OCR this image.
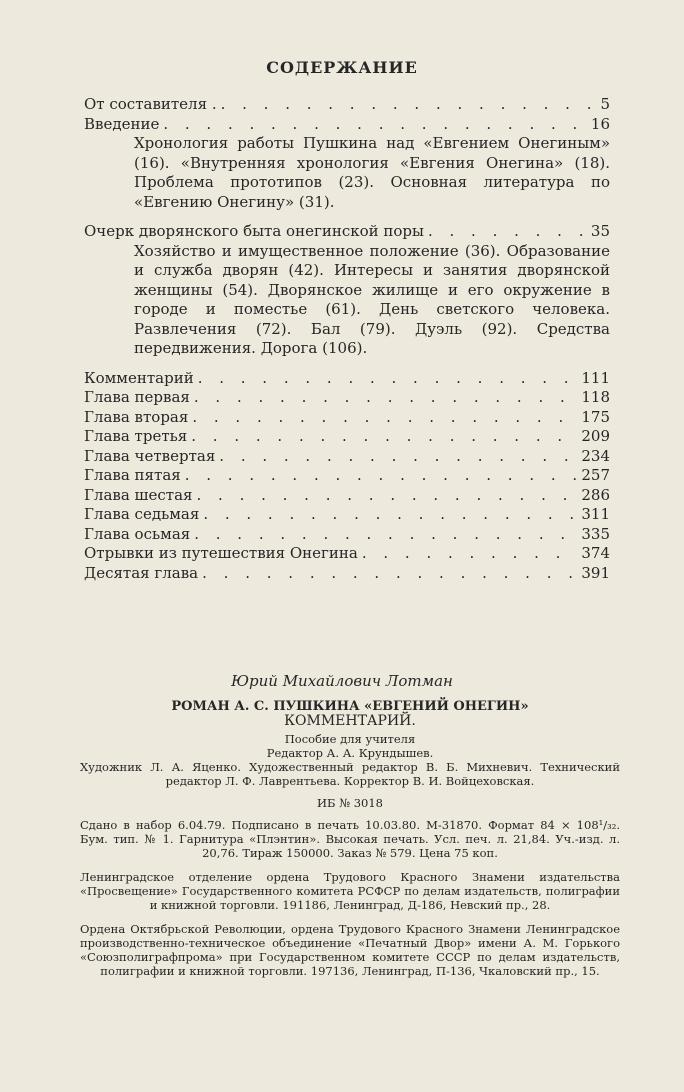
СОДЕРЖАНИЕ
От составителя . . . .	5
Введение . . .	16
Хронология работы Пушкина над «Евгением Онегиным» (16). «Внутренняя хронология «Евгения Онегина» (18). Проблема прототипов (23). Основная литература по «Евгению Онегину» (31).
Очерк дворянского быта онегинской поры . . .	35
Хозяйство и имущественное положение (36). Образование и служба дворян (42). Интересы и занятия дворянской женщины (54). Дворянское жилище и его окружение в городе и поместье (61). День светского человека. Развлечения (72). Бал (79). Дуэль (92). Средства передвижения. Дорога (106).
Комментарий . . .	111
Глава первая . . .	118
Глава вторая . . .	175
Глава третья . . .	209
Глава четвертая . . .	234
Глава пятая . . .	257
Глава шестая . . .	286
Глава седьмая . . .	311
Глава осьмая . . .	335
Отрывки из путешествия Онегина . . .	374
Десятая глава . . .	391
Юрий Михайлович Лотман
РОМАН А. С. ПУШКИНА «ЕВГЕНИЙ ОНЕГИН»
КОММЕНТАРИЙ.
Пособие для учителя
Редактор А. А. Крундышев.
Художник Л. А. Яценко. Художественный редактор В. Б. Михневич. Технический редактор Л. Ф. Лаврентьева. Корректор В. И. Войцеховская.
ИБ № 3018
Сдано в набор 6.04.79. Подписано в печать 10.03.80. М-31870. Формат 84 × 108¹/₃₂. Бум. тип. № 1. Гарнитура «Плэнтин». Высокая печать. Усл. печ. л. 21,84. Уч.-изд. л. 20,76. Тираж 150000. Заказ № 579. Цена 75 коп.
Ленинградское отделение ордена Трудового Красного Знамени издательства «Просвещение» Государственного комитета РСФСР по делам издательств, полиграфии и книжной торговли. 191186, Ленинград, Д-186, Невский пр., 28.
Ордена Октябрьской Революции, ордена Трудового Красного Знамени Ленинградское производственно-техническое объединение «Печатный Двор» имени А. М. Горького «Союзполиграфпрома» при Государственном комитете СССР по делам издательств, полиграфии и книжной торговли. 197136, Ленинград, П-136, Чкаловский пр., 15.
